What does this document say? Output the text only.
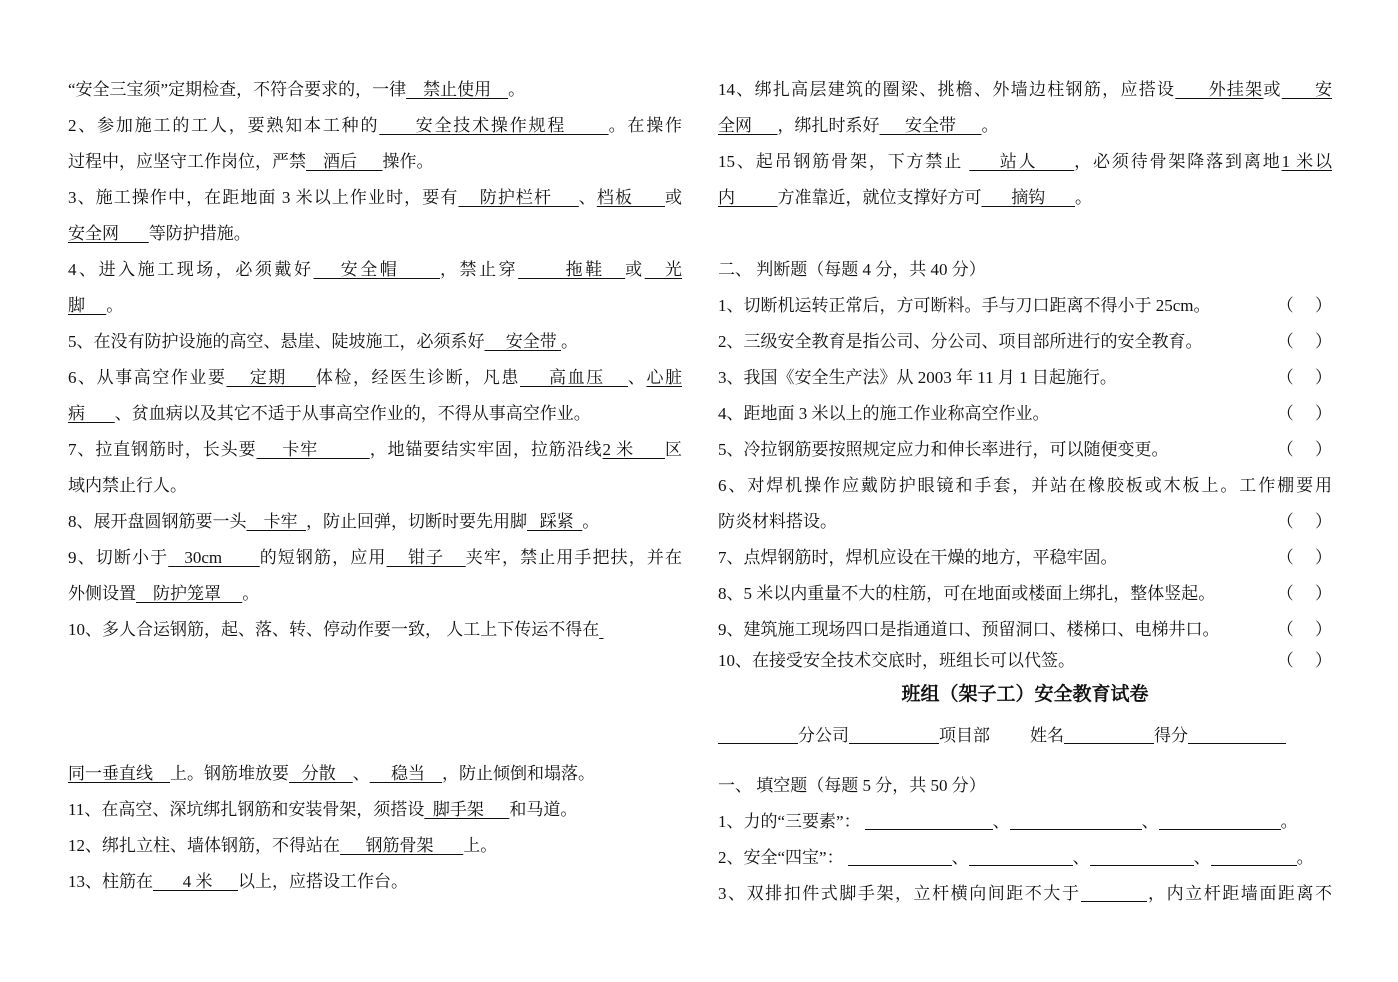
“安全三宝须”定期检查，不符合要求的，一律    禁止使用    。
2、参加施工的工人，要熟知本工种的      安全技术操作规程       。在操作
过程中，应坚守工作岗位，严禁    酒后      操作。
3、施工操作中，在距地面 3 米以上作业时，要有    防护栏杆     、档板      或
安全网       等防护措施。
4、进入施工现场，必须戴好    安全帽      ，禁止穿       拖鞋   或   光
脚     。
5、在没有防护设施的高空、悬崖、陡坡施工，必须系好     安全带 。
6、从事高空作业要    定期     体检，经医生诊断，凡患     高血压    、心脏
病       、贫血病以及其它不适于从事高空作业的，不得从事高空作业。
7、拉直钢筋时，长头要     卡牢          ，地锚要结实牢固，拉筋沿线2 米      区
域内禁止行人。
8、展开盘圆钢筋要一头    卡牢  ，防止回弹，切断时要先用脚   踩紧  。
9、切断小于   30cm       的短钢筋，应用    钳子    夹牢，禁止用手把扶，并在
外侧设置    防护笼罩     。
10、多人合运钢筋，起、落、转、停动作要一致， 人工上下传运不得在
同一垂直线    上。钢筋堆放要   分散    、     稳当    ，防止倾倒和塌落。
11、在高空、深坑绑扎钢筋和安装骨架，须搭设  脚手架      和马道。
12、绑扎立柱、墙体钢筋，不得站在      钢筋骨架       上。
13、柱筋在       4 米      以上，应搭设工作台。
14、绑扎高层建筑的圈梁、挑檐、外墙边柱钢筋，应搭设      外挂架或      安
全网      ，绑扎时系好      安全带      。
15、起吊钢筋骨架，下方禁止      站人      ，必须待骨架降落到离地1 米以
内          方准靠近，就位支撑好方可       摘钩       。
二、 判断题（每题 4 分，共 40 分）
1、切断机运转正常后，方可断料。手与刀口距离不得小于 25cm。	（     ）
2、三级安全教育是指公司、分公司、项目部所进行的安全教育。	（     ）
3、我国《安全生产法》从 2003 年 11 月 1 日起施行。	（     ）
4、距地面 3 米以上的施工作业称高空作业。	（     ）
5、冷拉钢筋要按照规定应力和伸长率进行，可以随便变更。	（     ）
6、对焊机操作应戴防护眼镜和手套，并站在橡胶板或木板上。工作棚要用
防炎材料搭设。	（     ）
7、点焊钢筋时，焊机应设在干燥的地方，平稳牢固。	（     ）
8、5 米以内重量不大的柱筋，可在地面或楼面上绑扎，整体竖起。	（     ）
9、建筑施工现场四口是指通道口、预留洞口、楼梯口、电梯井口。	（     ）
10、在接受安全技术交底时，班组长可以代签。	（     ）
班组（架子工）安全教育试卷
分公司	项目部 姓名	得分
一、 填空题（每题 5 分，共 50 分）
1、力的“三要素”：	、	、	。
2、安全“四宝”：	、	、	、	。
3、双排扣件式脚手架，立杆横向间距不大于	，内立杆距墙面距离不
